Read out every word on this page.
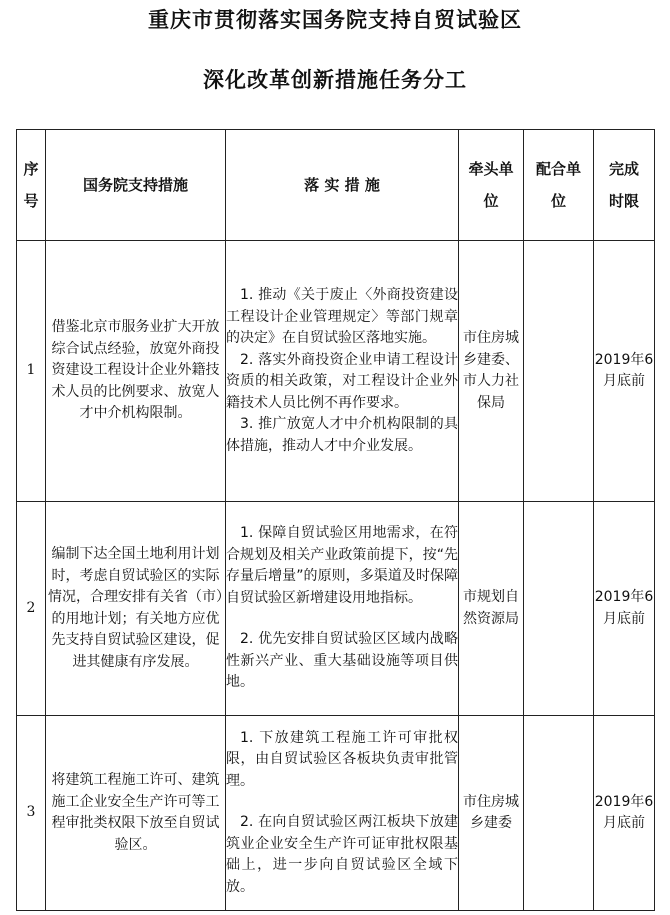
重庆市贯彻落实国务院支持自贸试验区
深化改革创新措施任务分工
序号	国务院支持措施	落 实 措 施	牵头单位	配合单位	完成时限
1	借鉴北京市服务业扩大开放综合试点经验，放宽外商投资建设工程设计企业外籍技术人员的比例要求、放宽人才中介机构限制。	1. 推动《关于废止〈外商投资建设工程设计企业管理规定〉等部门规章的决定》在自贸试验区落地实施。

2. 落实外商投资企业申请工程设计资质的相关政策，对工程设计企业外籍技术人员比例不再作要求。

3. 推广放宽人才中介机构限制的具体措施，推动人才中介业发展。	市住房城乡建委、市人力社保局		2019年6月底前
2	编制下达全国土地利用计划时，考虑自贸试验区的实际情况，合理安排有关省（市）的用地计划；有关地方应优先支持自贸试验区建设，促进其健康有序发展。	1. 保障自贸试验区用地需求，在符合规划及相关产业政策前提下，按“先存量后增量”的原则，多渠道及时保障自贸试验区新增建设用地指标。

2. 优先安排自贸试验区区域内战略性新兴产业、重大基础设施等项目供地。	市规划自然资源局		2019年6月底前
3	将建筑工程施工许可、建筑施工企业安全生产许可等工程审批类权限下放至自贸试验区。	1. 下放建筑工程施工许可审批权限，由自贸试验区各板块负责审批管理。

2. 在向自贸试验区两江板块下放建筑业企业安全生产许可证审批权限基础上，进一步向自贸试验区全域下放。	市住房城乡建委		2019年6月底前
